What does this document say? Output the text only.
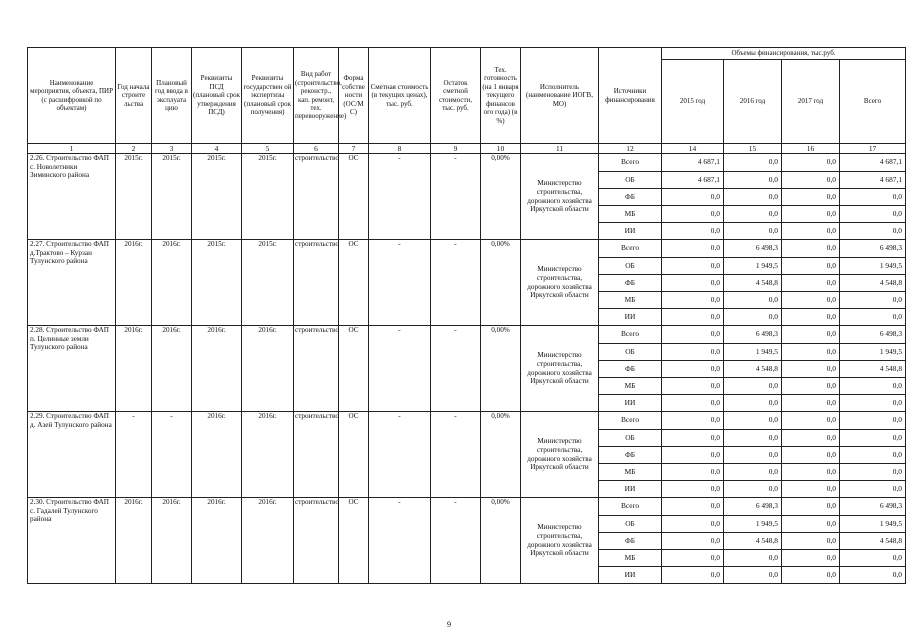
Наименование мероприятия, объекта, ПИР (с расшифровкой по объектам)	Год начала строите льства	Плановый год ввода в эксплуата цию	Реквизиты ПСД (плановый срок утверждения ПСД)	Реквизиты государствен ой экспертизы (плановый срок получения)	Вид работ (строительство, реконстр., кап. ремонт, тех. перевооружение)	Форма собстве ности (ОС/М С)	Сметная стоимость (в текущих ценах), тыс. руб.	Остаток сметной стоимости, тыс. руб.	Тех. готовность (на 1 января текущего финансов ого года) (в %)	Исполнитель (наименование ИОГВ, МО)	Источники финансирования	Объемы финансирования, тыс.руб.			
												2015 год	2016 год	2017 год	Всего
1	2	3	4	5	6	7	8	9	10	11	12	14	15	16	17
2.26. Строительство ФАП с. Новолетники Зиминского района	2015г.	2015г.	2015г.	2015г.	строительство	ОС	-	-	0,00%	Министерство строительства, дорожного хозяйства Иркутской области	Всего	4 687,1	0,0	0,0	4 687,1
											ОБ	4 687,1	0,0	0,0	4 687,1
											ФБ	0,0	0,0	0,0	0,0
											МБ	0,0	0,0	0,0	0,0
											ИИ	0,0	0,0	0,0	0,0
2.27. Строительство ФАП д.Трактово – Курзан Тулунского района	2016г.	2016г.	2015г.	2015г.	строительство	ОС	-	-	0,00%	Министерство строительства, дорожного хозяйства Иркутской области	Всего	0,0	6 498,3	0,0	6 498,3
											ОБ	0,0	1 949,5	0,0	1 949,5
											ФБ	0,0	4 548,8	0,0	4 548,8
											МБ	0,0	0,0	0,0	0,0
											ИИ	0,0	0,0	0,0	0,0
2.28. Строительство ФАП п. Целинные земли Тулунского района	2016г.	2016г.	2016г.	2016г.	строительство	ОС	-	-	0,00%	Министерство строительства, дорожного хозяйства Иркутской области	Всего	0,0	6 498,3	0,0	6 498,3
											ОБ	0,0	1 949,5	0,0	1 949,5
											ФБ	0,0	4 548,8	0,0	4 548,8
											МБ	0,0	0,0	0,0	0,0
											ИИ	0,0	0,0	0,0	0,0
2.29. Строительство ФАП д. Азей Тулунского района	-	-	2016г.	2016г.	строительство	ОС	-	-	0,00%	Министерство строительства, дорожного хозяйства Иркутской области	Всего	0,0	0,0	0,0	0,0
											ОБ	0,0	0,0	0,0	0,0
											ФБ	0,0	0,0	0,0	0,0
											МБ	0,0	0,0	0,0	0,0
											ИИ	0,0	0,0	0,0	0,0
2.30. Строительство ФАП с. Гадалей Тулунского района	2016г.	2016г.	2016г.	2016г.	строительство	ОС	-	-	0,00%	Министерство строительства, дорожного хозяйства Иркутской области	Всего	0,0	6 498,3	0,0	6 498,3
											ОБ	0,0	1 949,5	0,0	1 949,5
											ФБ	0,0	4 548,8	0,0	4 548,8
											МБ	0,0	0,0	0,0	0,0
											ИИ	0,0	0,0	0,0	0,0
9
